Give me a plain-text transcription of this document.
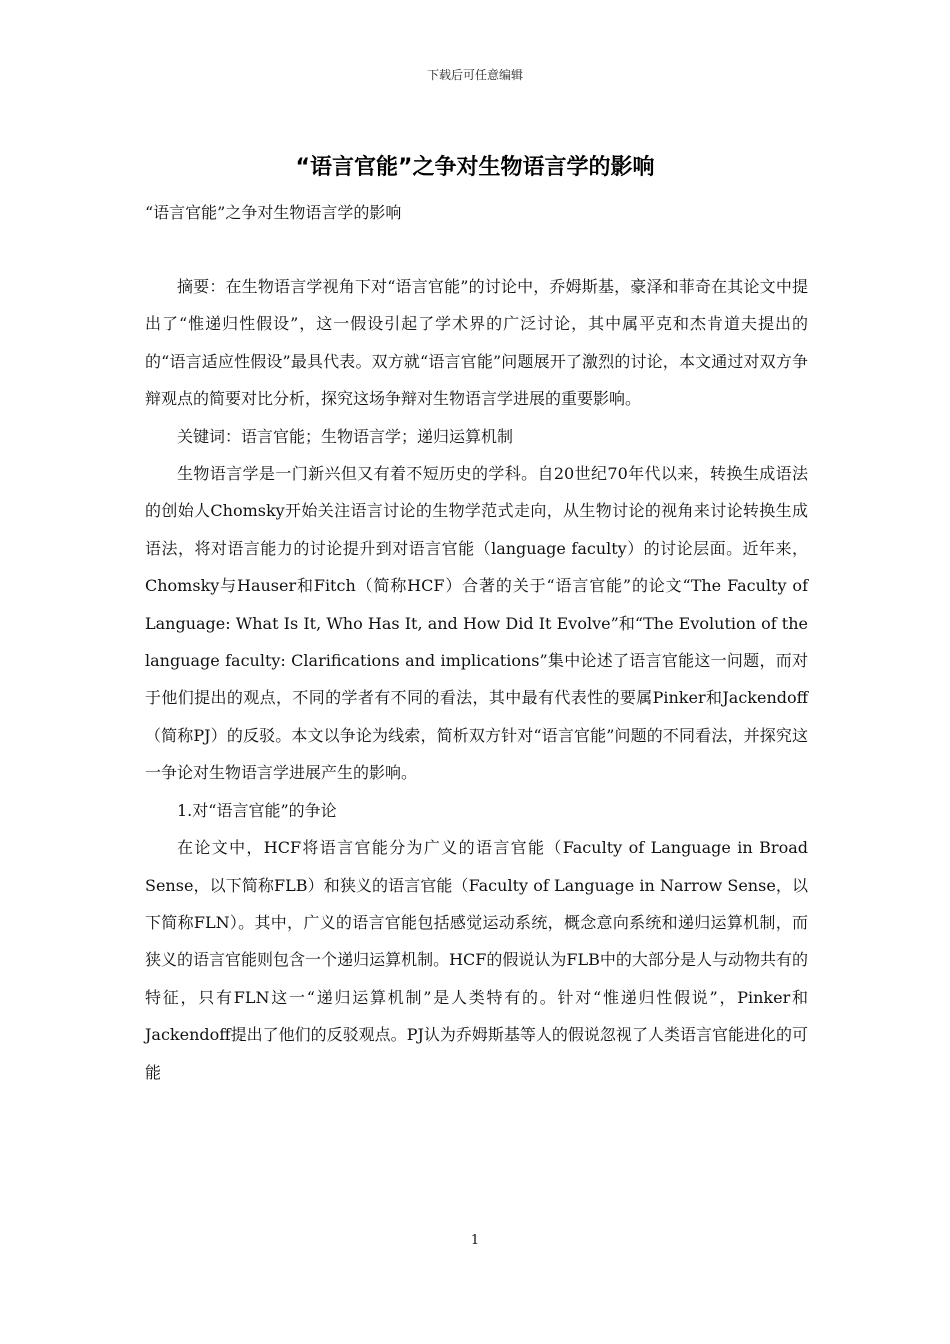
下载后可任意编辑
“语言官能”之争对生物语言学的影响
“语言官能”之争对生物语言学的影响

摘要：在生物语言学视角下对“语言官能”的讨论中，乔姆斯基，豪泽和菲奇在其论文中提出了“惟递归性假设”，这一假设引起了学术界的广泛讨论，其中属平克和杰肯道夫提出的的“语言适应性假设”最具代表。双方就“语言官能”问题展开了激烈的讨论，本文通过对双方争辩观点的简要对比分析，探究这场争辩对生物语言学进展的重要影响。

关键词：语言官能；生物语言学；递归运算机制

生物语言学是一门新兴但又有着不短历史的学科。自20世纪70年代以来，转换生成语法的创始人Chomsky开始关注语言讨论的生物学范式走向，从生物讨论的视角来讨论转换生成语法，将对语言能力的讨论提升到对语言官能（language faculty）的讨论层面。近年来，Chomsky与Hauser和Fitch（简称HCF）合著的关于“语言官能”的论文“The Faculty of Language: What Is It, Who Has It, and How Did It Evolve”和“The Evolution of the language faculty: Clarifications and implications”集中论述了语言官能这一问题，而对于他们提出的观点，不同的学者有不同的看法，其中最有代表性的要属Pinker和Jackendoff（简称PJ）的反驳。本文以争论为线索，简析双方针对“语言官能”问题的不同看法，并探究这一争论对生物语言学进展产生的影响。

1.对“语言官能”的争论

在论文中，HCF将语言官能分为广义的语言官能（Faculty of Language in Broad Sense，以下简称FLB）和狭义的语言官能（Faculty of Language in Narrow Sense，以下简称FLN）。其中，广义的语言官能包括感觉运动系统，概念意向系统和递归运算机制，而狭义的语言官能则包含一个递归运算机制。HCF的假说认为FLB中的大部分是人与动物共有的特征，只有FLN这一“递归运算机制”是人类特有的。针对“惟递归性假说”，Pinker和Jackendoff提出了他们的反驳观点。PJ认为乔姆斯基等人的假说忽视了人类语言官能进化的可能

1
